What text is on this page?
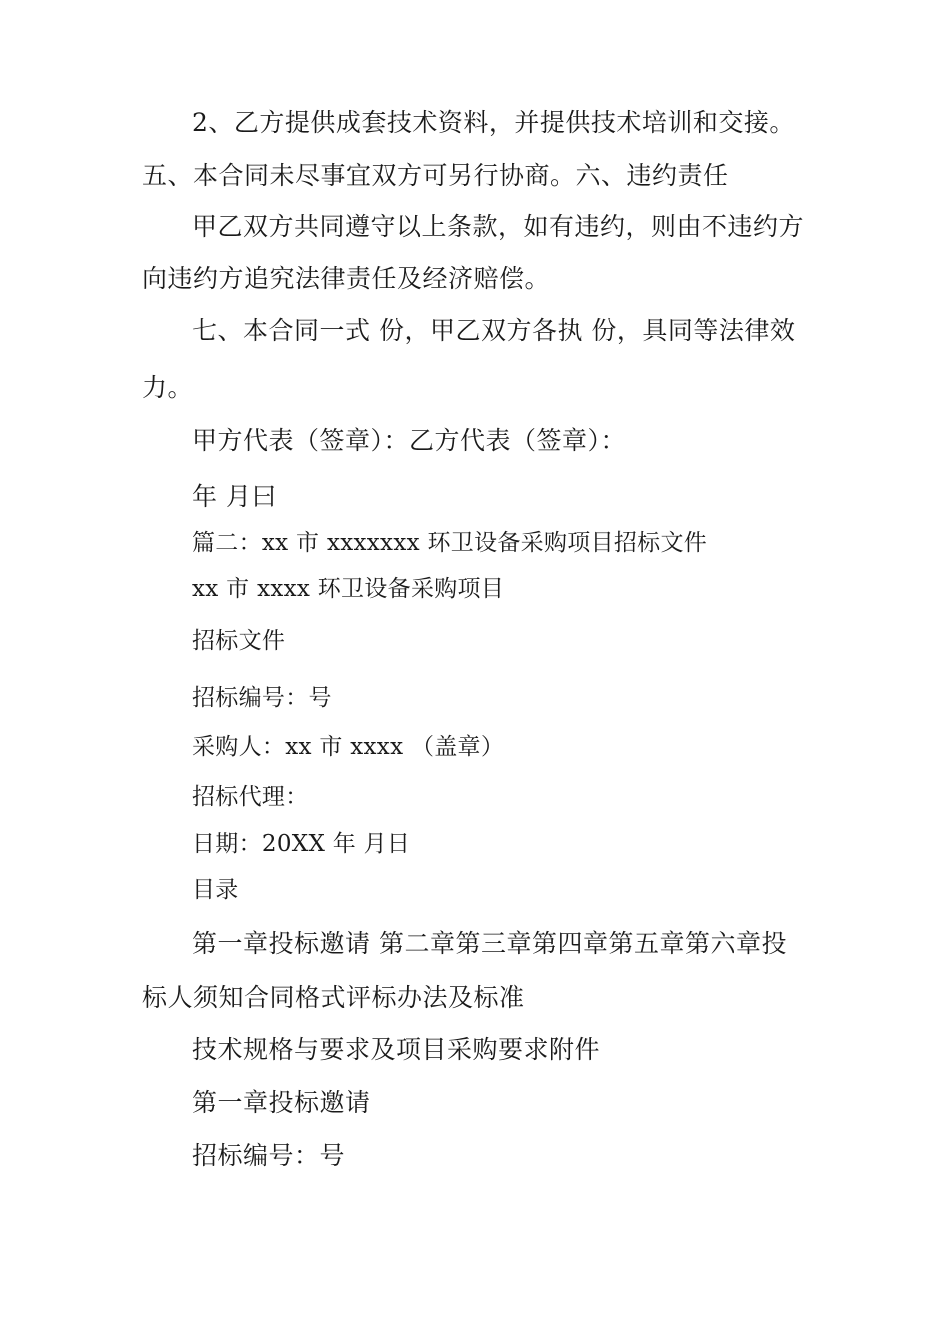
2、乙方提供成套技术资料，并提供技术培训和交接。
五、本合同未尽事宜双方可另行协商。六、违约责任
甲乙双方共同遵守以上条款，如有违约，则由不违约方
向违约方追究法律责任及经济赔偿。
七、本合同一式 份，甲乙双方各执 份，具同等法律效
力。
甲方代表（签章）：乙方代表（签章）：
年 月曰
篇二：xx 市 xxxxxxx 环卫设备采购项目招标文件
xx 市 xxxx 环卫设备采购项目
招标文件
招标编号：号
采购人：xx 市 xxxx （盖章）
招标代理：
日期：20XX 年 月日
目录
第一章投标邀请 第二章第三章第四章第五章第六章投
标人须知合同格式评标办法及标准
技术规格与要求及项目采购要求附件
第一章投标邀请
招标编号：号
